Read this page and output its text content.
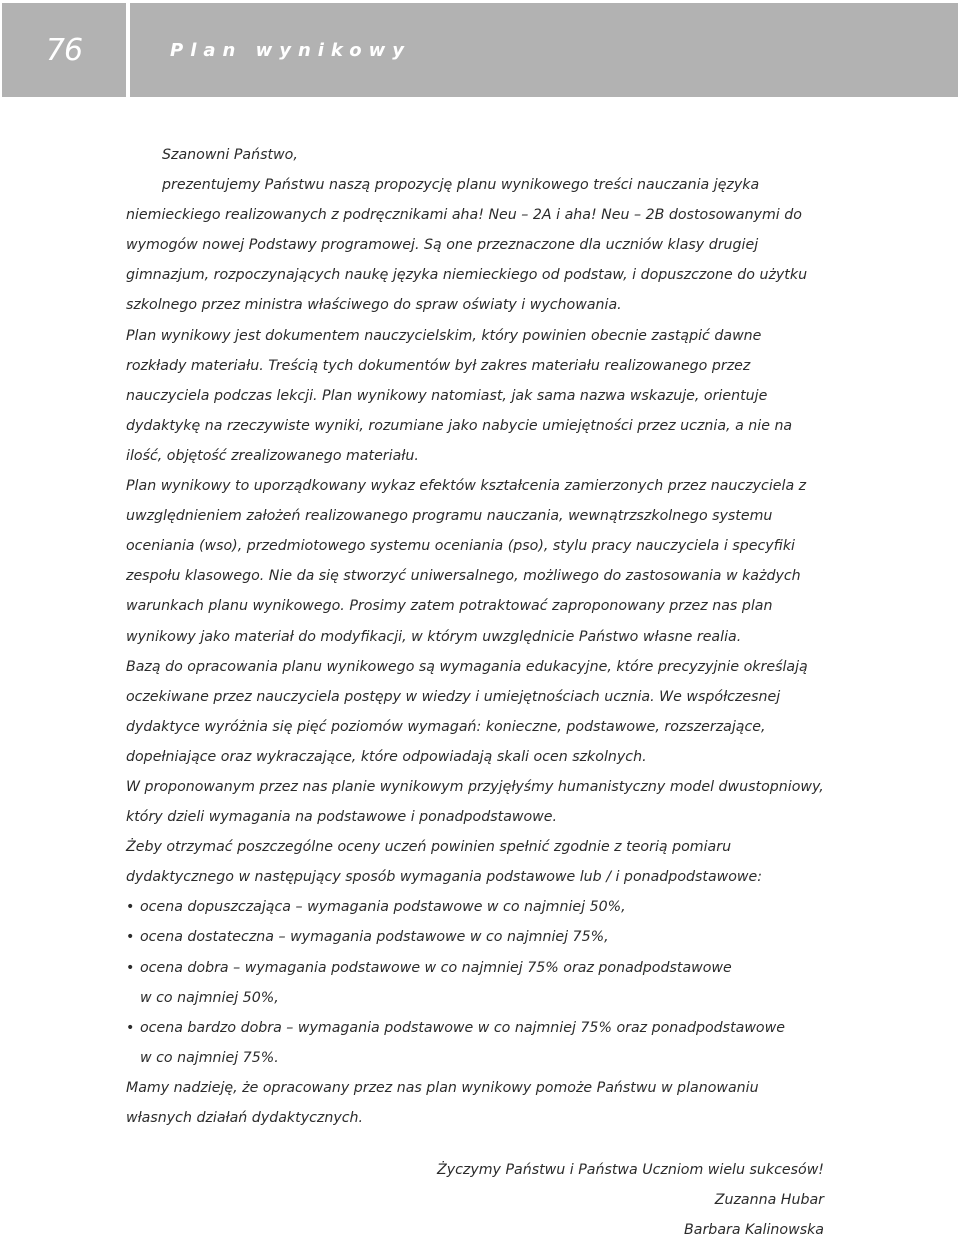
76	Plan wynikowy

Szanowni Państwo,

prezentujemy Państwu naszą propozycję planu wynikowego treści nauczania języka niemieckiego realizowanych z podręcznikami aha! Neu – 2A i aha! Neu – 2B dostosowanymi do wymogów nowej Podstawy programowej. Są one przeznaczone dla uczniów klasy drugiej gimnazjum, rozpoczynających naukę języka niemieckiego od podstaw, i dopuszczone do użytku szkolnego przez ministra właściwego do spraw oświaty i wychowania.

Plan wynikowy jest dokumentem nauczycielskim, który powinien obecnie zastąpić dawne rozkłady materiału. Treścią tych dokumentów był zakres materiału realizowanego przez nauczyciela podczas lekcji. Plan wynikowy natomiast, jak sama nazwa wskazuje, orientuje dydaktykę na rzeczywiste wyniki, rozumiane jako nabycie umiejętności przez ucznia, a nie na ilość, objętość zrealizowanego materiału.

Plan wynikowy to uporządkowany wykaz efektów kształcenia zamierzonych przez nauczyciela z uwzględnieniem założeń realizowanego programu nauczania, wewnątrzszkolnego systemu oceniania (wso), przedmiotowego systemu oceniania (pso), stylu pracy nauczyciela i specyfiki zespołu klasowego. Nie da się stworzyć uniwersalnego, możliwego do zastosowania w każdych warunkach planu wynikowego. Prosimy zatem potraktować zaproponowany przez nas plan wynikowy jako materiał do modyfikacji, w którym uwzględnicie Państwo własne realia.

Bazą do opracowania planu wynikowego są wymagania edukacyjne, które precyzyjnie określają oczekiwane przez nauczyciela postępy w wiedzy i umiejętnościach ucznia. We współczesnej dydaktyce wyróżnia się pięć poziomów wymagań: konieczne, podstawowe, rozszerzające, dopełniające oraz wykraczające, które odpowiadają skali ocen szkolnych.

W proponowanym przez nas planie wynikowym przyjęłyśmy humanistyczny model dwustopniowy, który dzieli wymagania na podstawowe i ponadpodstawowe.

Żeby otrzymać poszczególne oceny uczeń powinien spełnić zgodnie z teorią pomiaru dydaktycznego w następujący sposób wymagania podstawowe lub / i ponadpodstawowe:

• ocena dopuszczająca – wymagania podstawowe w co najmniej 50%,

• ocena dostateczna – wymagania podstawowe w co najmniej 75%,

• ocena dobra – wymagania podstawowe w co najmniej 75% oraz ponadpodstawowe

w co najmniej 50%,

• ocena bardzo dobra – wymagania podstawowe w co najmniej 75% oraz ponadpodstawowe

w co najmniej 75%.

Mamy nadzieję, że opracowany przez nas plan wynikowy pomoże Państwu w planowaniu własnych działań dydaktycznych.

Życzymy Państwu i Państwa Uczniom wielu sukcesów!
Zuzanna Hubar
Barbara Kalinowska
